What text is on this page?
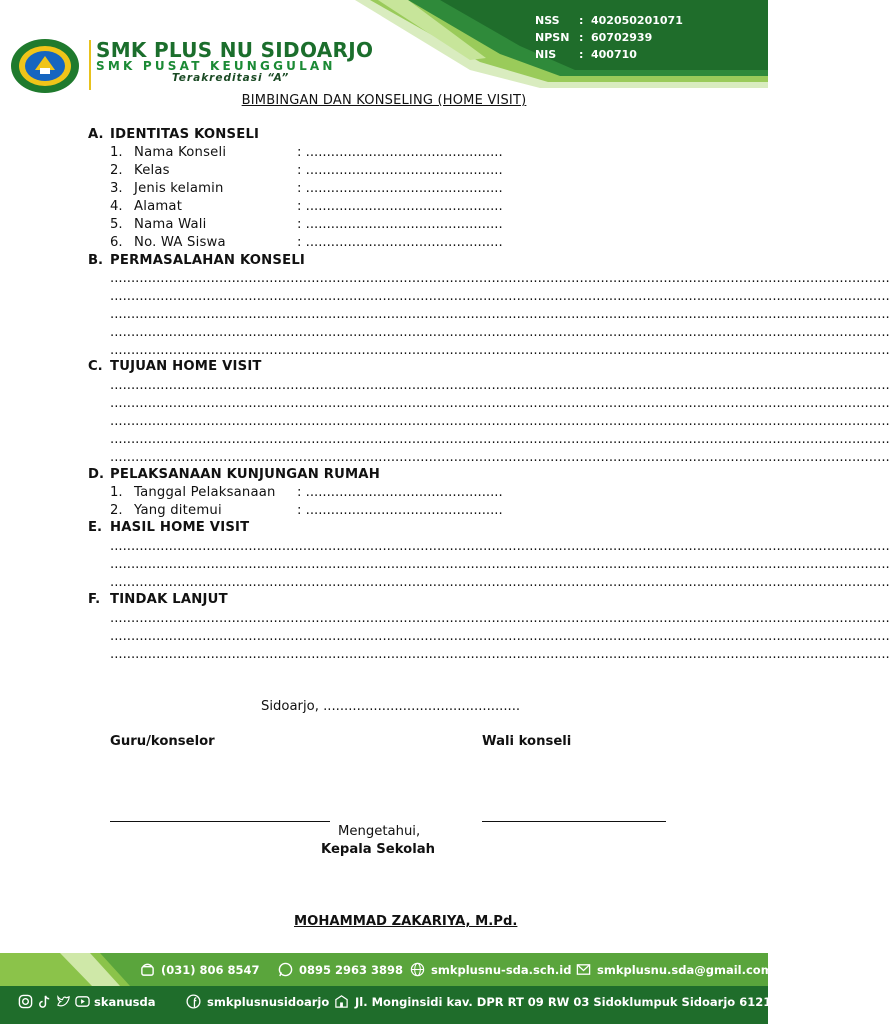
SMK PLUS NU SIDOARJO
SMK PUSAT KEUNGGULAN
Terakreditasi “A”
NSS	: 402050201071
NPSN : 60702939
NIS	: 400710
BIMBINGAN DAN KONSELING (HOME VISIT)
A. IDENTITAS KONSELI
1. Nama Konseli	: ...............................................
2. Kelas	: ...............................................
3. Jenis kelamin	: ...............................................
4. Alamat	: ...............................................
5. Nama Wali	: ...............................................
6. No. WA Siswa	: ...............................................
B. PERMASALAHAN KONSELI
..........................................................................................................................................................................................
..........................................................................................................................................................................................
..........................................................................................................................................................................................
..........................................................................................................................................................................................
..........................................................................................................................................................................................
C. TUJUAN HOME VISIT
..........................................................................................................................................................................................
..........................................................................................................................................................................................
..........................................................................................................................................................................................
..........................................................................................................................................................................................
..........................................................................................................................................................................................
D. PELAKSANAAN KUNJUNGAN RUMAH
1. Tanggal Pelaksanaan : ...............................................
2. Yang ditemui	: ...............................................
E. HASIL HOME VISIT
..........................................................................................................................................................................................
..........................................................................................................................................................................................
..........................................................................................................................................................................................
F. TINDAK LANJUT
..........................................................................................................................................................................................
..........................................................................................................................................................................................
..........................................................................................................................................................................................
Sidoarjo, ...............................................
Guru/konselor	Wali konseli
Mengetahui,
Kepala Sekolah
MOHAMMAD ZAKARIYA, M.Pd.
(031) 806 8547	0895 2963 3898 smkplusnu-sda.sch.id smkplusnu.sda@gmail.com
skanusda	smkplusnusidoarjo Jl. Monginsidi kav. DPR RT 09 RW 03 Sidoklumpuk Sidoarjo 61218
